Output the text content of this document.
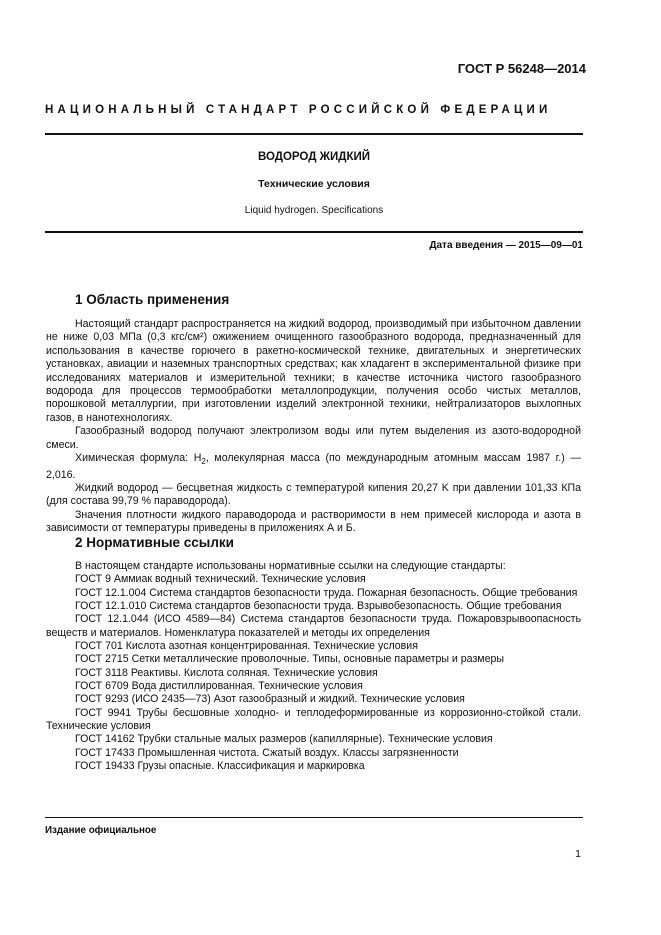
ГОСТ Р 56248—2014
НАЦИОНАЛЬНЫЙ СТАНДАРТ РОССИЙСКОЙ ФЕДЕРАЦИИ
ВОДОРОД ЖИДКИЙ
Технические условия
Liquid hydrogen. Specifications
Дата введения — 2015—09—01
1 Область применения

Настоящий стандарт распространяется на жидкий водород, производимый при избыточном давлении не ниже 0,03 МПа (0,3 кгс/см²) ожижением очищенного газообразного водорода, предназначенный для использования в качестве горючего в ракетно-космической технике, двигательных и энергетических установках, авиации и наземных транспортных средствах; как хладагент в экспериментальной физике при исследованиях материалов и измерительной техники; в качестве источника чистого газообразного водорода для процессов термообработки металлопродукции, получения особо чистых металлов, порошковой металлургии, при изготовлении изделий электронной техники, нейтрализаторов выхлопных газов, в нанотехнологиях.

Газообразный водород получают электролизом воды или путем выделения из азото-водородной смеси.

Химическая формула: $H_2$, молекулярная масса (по международным атомным массам 1987 г.) — 2,016.

Жидкий водород — бесцветная жидкость с температурой кипения 20,27 K при давлении 101,33 КПа (для состава 99,79 % параводорода).

Значения плотности жидкого параводорода и растворимости в нем примесей кислорода и азота в зависимости от температуры приведены в приложениях А и Б.

2 Нормативные ссылки
В настоящем стандарте использованы нормативные ссылки на следующие стандарты:
ГОСТ 9 Аммиак водный технический. Технические условия
ГОСТ 12.1.004 Система стандартов безопасности труда. Пожарная безопасность. Общие требования
ГОСТ 12.1.010 Система стандартов безопасности труда. Взрывобезопасность. Общие требования
ГОСТ 12.1.044 (ИСО 4589—84) Система стандартов безопасности труда. Пожаровзрывоопасность веществ и материалов. Номенклатура показателей и методы их определения
ГОСТ 701 Кислота азотная концентрированная. Технические условия
ГОСТ 2715 Сетки металлические проволочные. Типы, основные параметры и размеры
ГОСТ 3118 Реактивы. Кислота соляная. Технические условия
ГОСТ 6709 Вода дистиллированная. Технические условия
ГОСТ 9293 (ИСО 2435—73) Азот газообразный и жидкий. Технические условия
ГОСТ 9941 Трубы бесшовные холодно- и теплодеформированные из коррозионно-стойкой стали. Технические условия
ГОСТ 14162 Трубки стальные малых размеров (капиллярные). Технические условия
ГОСТ 17433 Промышленная чистота. Сжатый воздух. Классы загрязненности
ГОСТ 19433 Грузы опасные. Классификация и маркировка
Издание официальное
1
